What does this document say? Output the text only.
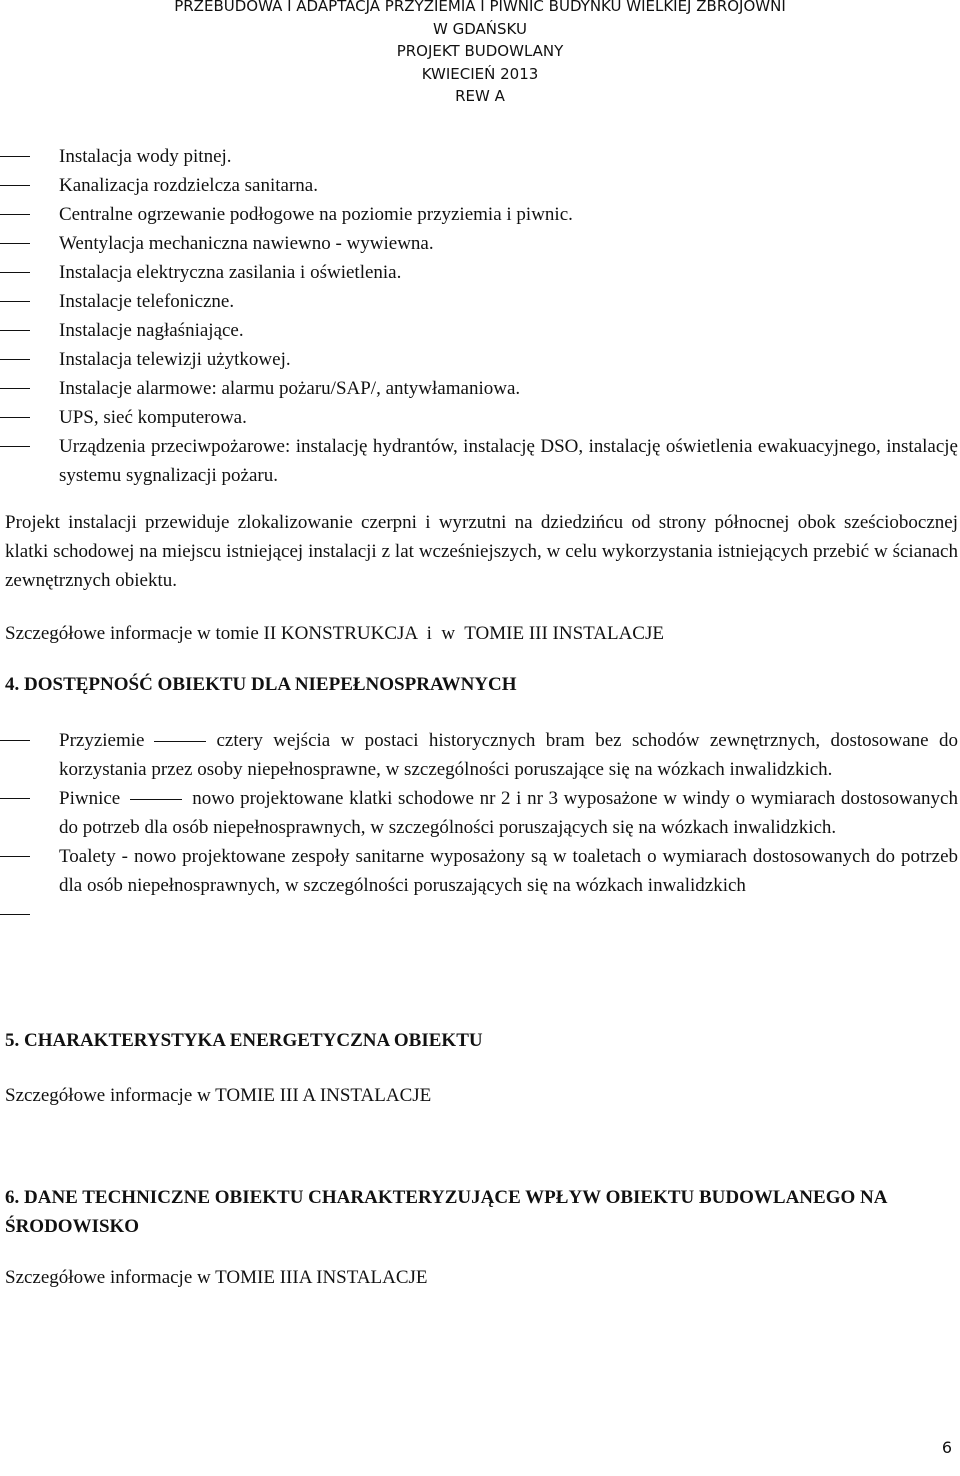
PRZEBUDOWA I ADAPTACJA PRZYZIEMIA I PIWNIC BUDYNKU WIELKIEJ ZBROJOWNI
W GDAŃSKU
PROJEKT BUDOWLANY
KWIECIEŃ 2013
REW A
Instalacja wody pitnej.
Kanalizacja rozdzielcza sanitarna.
Centralne ogrzewanie podłogowe na poziomie przyziemia i piwnic.
Wentylacja mechaniczna nawiewno - wywiewna.
Instalacja elektryczna zasilania i oświetlenia.
Instalacje telefoniczne.
Instalacje nagłaśniające.
Instalacja telewizji użytkowej.
Instalacje alarmowe: alarmu pożaru/SAP/, antywłamaniowa.
UPS, sieć komputerowa.
Urządzenia przeciwpożarowe: instalację hydrantów, instalację DSO, instalację oświetlenia ewakuacyjnego, instalację systemu sygnalizacji pożaru.
Projekt instalacji przewiduje zlokalizowanie czerpni i wyrzutni na dziedzińcu od strony północnej obok sześciobocznej klatki schodowej na miejscu istniejącej instalacji z lat wcześniejszych, w celu wykorzystania istniejących przebić w ścianach zewnętrznych obiektu.
Szczegółowe informacje w tomie II KONSTRUKCJA  i  w  TOMIE III INSTALACJE
4. DOSTĘPNOŚĆ OBIEKTU DLA NIEPEŁNOSPRAWNYCH
Przyziemie	cztery wejścia w postaci historycznych bram bez schodów zewnętrznych, dostosowane do korzystania przez osoby niepełnosprawne, w szczególności poruszające się na wózkach inwalidzkich.
Piwnice	nowo projektowane klatki schodowe nr 2 i nr 3 wyposażone w windy o wymiarach dostosowanych do potrzeb dla osób niepełnosprawnych, w szczególności poruszających się na wózkach inwalidzkich.
Toalety - nowo projektowane zespoły sanitarne wyposażony są w toaletach o wymiarach dostosowanych do potrzeb dla osób niepełnosprawnych, w szczególności poruszających się na wózkach inwalidzkich
5. CHARAKTERYSTYKA ENERGETYCZNA OBIEKTU
Szczegółowe informacje w TOMIE III A INSTALACJE
6. DANE TECHNICZNE OBIEKTU CHARAKTERYZUJĄCE WPŁYW OBIEKTU BUDOWLANEGO NA ŚRODOWISKO
Szczegółowe informacje w TOMIE IIIA INSTALACJE
6
